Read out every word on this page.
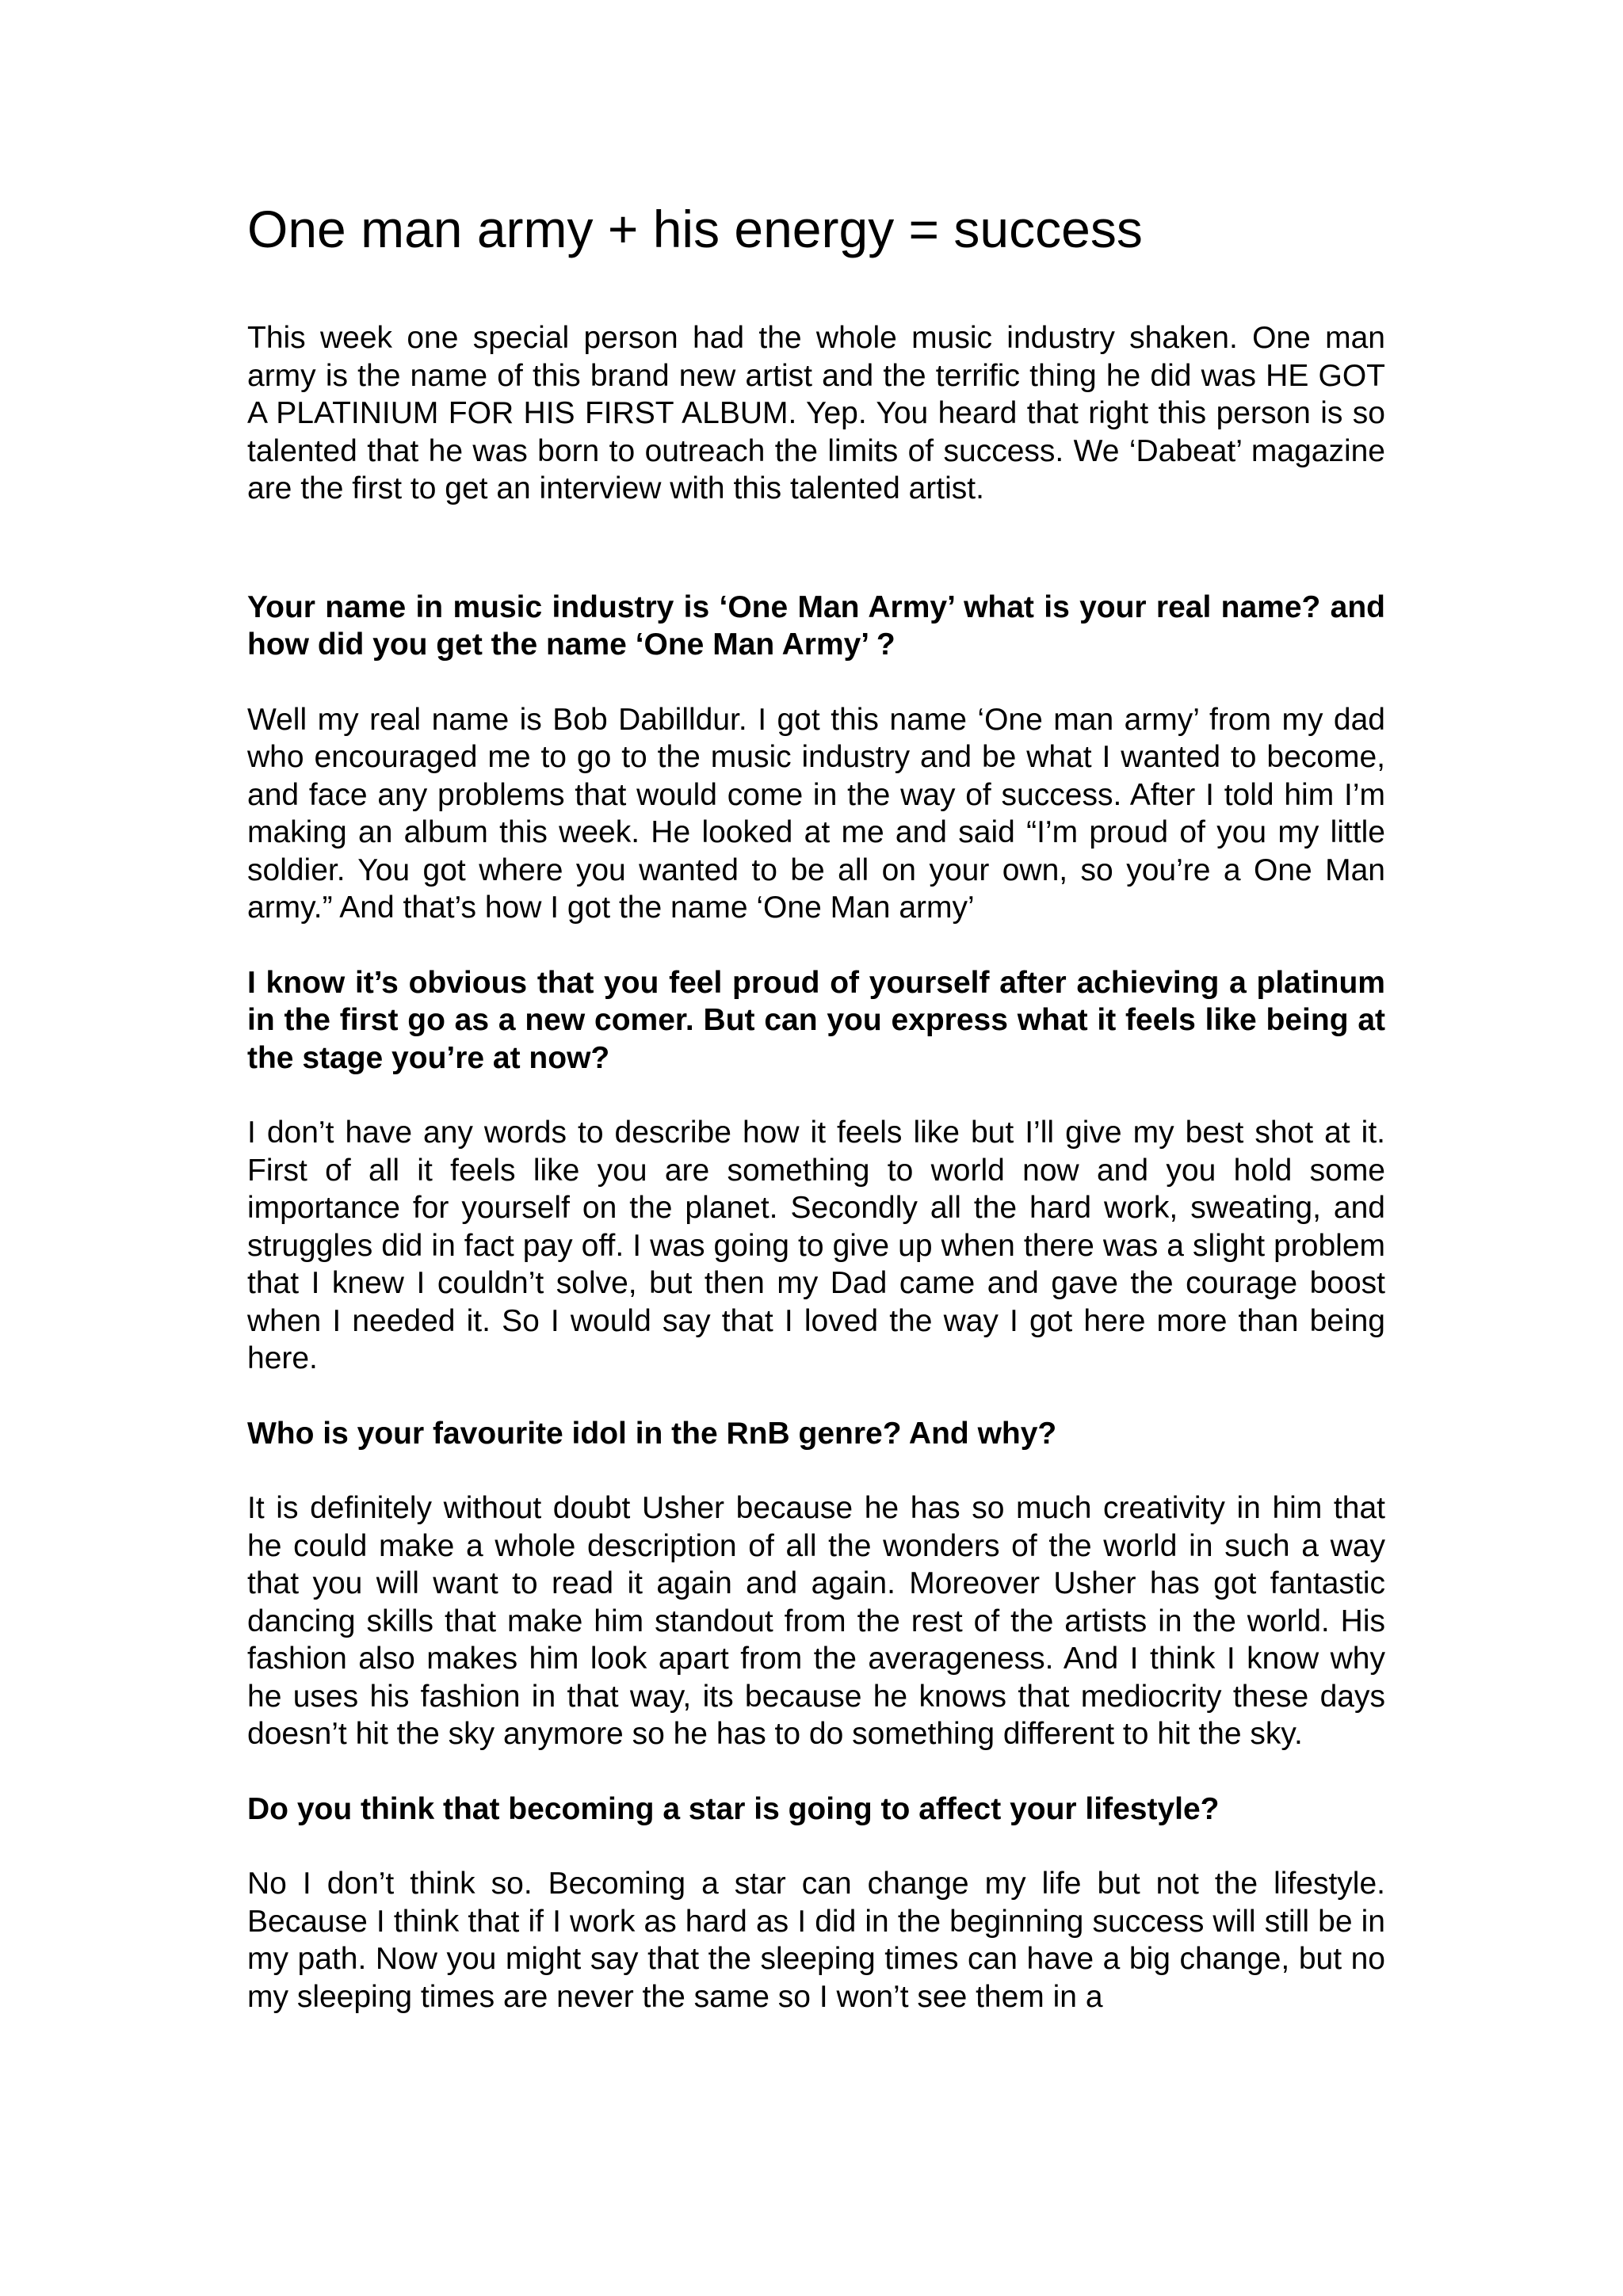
One man army + his energy = success

This week one special person had the whole music industry shaken. One man army is the name of this brand new artist and the terrific thing he did was HE GOT A PLATINIUM FOR HIS FIRST ALBUM. Yep. You heard that right this person is so talented that he was born to outreach the limits of success. We ‘Dabeat’ magazine are the first to get an interview with this talented artist.

Your name in music industry is ‘One Man Army’ what is your real name? and how did you get the name ‘One Man Army’ ?

Well my real name is Bob Dabilldur. I got this name ‘One man army’ from my dad who encouraged me to go to the music industry and be what I wanted to become, and face any problems that would come in the way of success. After I told him I’m making an album this week. He looked at me and said “I’m proud of you my little soldier. You got where you wanted to be all on your own, so you’re a One Man army.” And that’s how I got the name ‘One Man army’

I know it’s obvious that you feel proud of yourself after achieving a platinum in the first go as a new comer. But can you express what it feels like being at the stage you’re at now?

I don’t have any words to describe how it feels like but I’ll give my best shot at it. First of all it feels like you are something to world now and you hold some importance for yourself on the planet. Secondly all the hard work, sweating, and struggles did in fact pay off. I was going to give up when there was a slight problem that I knew I couldn’t solve, but then my Dad came and gave the courage boost when I needed it. So I would say that I loved the way I got here more than being here.

Who is your favourite idol in the RnB genre? And why?

It is definitely without doubt Usher because he has so much creativity in him that he could make a whole description of all the wonders of the world in such a way that you will want to read it again and again. Moreover Usher has got fantastic dancing skills that make him standout from the rest of the artists in the world. His fashion also makes him look apart from the averageness. And I think I know why he uses his fashion in that way, its because he knows that mediocrity these days doesn’t hit the sky anymore so he has to do something different to hit the sky.

Do you think that becoming a star is going to affect your lifestyle?

No I don’t think so. Becoming a star can change my life but not the lifestyle. Because I think that if I work as hard as I did in the beginning success will still be in my path. Now you might say that the sleeping times can have a big change, but no my sleeping times are never the same so I won’t see them in a
